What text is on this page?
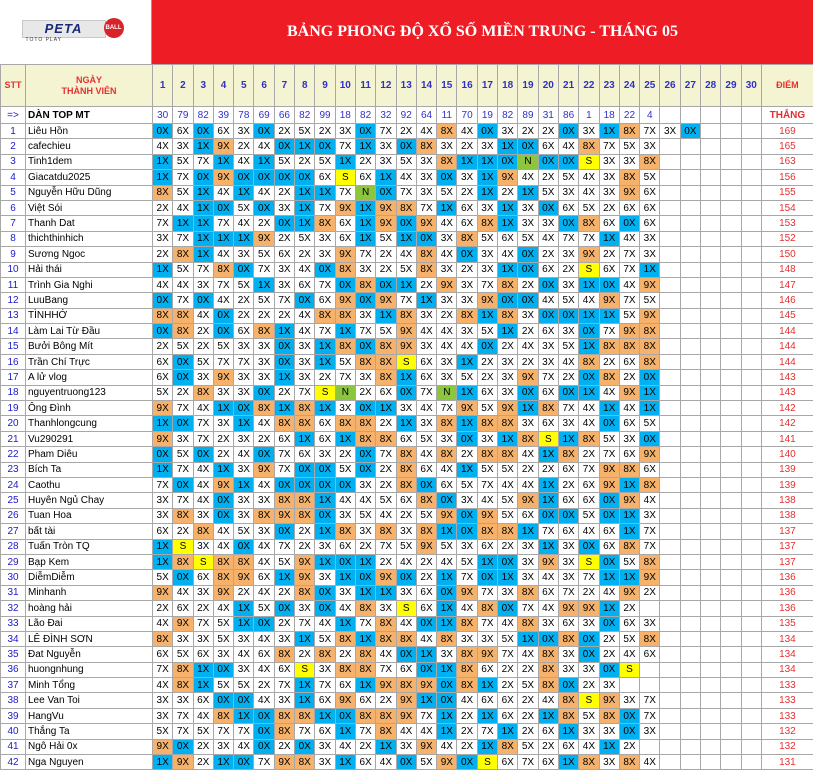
PETA	BALL
TOTO PLAY	BẢNG PHONG ĐỘ XỔ SỐ MIỀN TRUNG - THÁNG 05
STT	NGÀY
THÀNH VIÊN	1	2	3	4	5	6	7	8	9	10	11	12	13	14	15	16	17	18	19	20	21	22	23	24	25	26	27	28	29	30	ĐIỂM
=>	DÀN TOP MT	30	79	82	39	78	69	66	82	99	18	82	32	92	64	11	70	19	82	89	31	86	1	18	22	4						THẮNG
1	Liêu Hồn	0X	6X	0X	6X	3X	0X	2X	5X	2X	3X	0X	7X	2X	4X	8X	4X	0X	3X	2X	2X	0X	3X	1X	8X	7X	3X	0X				169
2	cafechieu	4X	3X	1X	9X	2X	4X	0X	1X	0X	7X	1X	3X	0X	8X	3X	2X	3X	1X	0X	6X	4X	8X	7X	5X	3X						165
3	Tinh1dem	1X	5X	7X	1X	4X	1X	5X	2X	5X	1X	2X	3X	5X	3X	8X	1X	1X	0X	N	0X	0X	S	3X	3X	8X						163
4	Giacatdu2025	1X	7X	0X	9X	0X	0X	0X	0X	6X	S	6X	1X	4X	3X	0X	3X	1X	9X	4X	2X	5X	4X	3X	8X	5X						156
5	Nguyễn Hữu Dũng	8X	5X	1X	4X	1X	4X	2X	1X	1X	7X	N	0X	7X	3X	5X	2X	1X	2X	1X	5X	3X	4X	3X	9X	6X						155
6	Việt Sói	2X	4X	1X	0X	5X	0X	3X	1X	7X	9X	1X	9X	8X	7X	1X	6X	3X	1X	3X	0X	6X	5X	2X	6X	6X						154
7	Thanh Dat	7X	1X	1X	7X	4X	2X	0X	1X	8X	6X	1X	9X	0X	9X	4X	6X	8X	1X	3X	3X	0X	8X	6X	0X	6X						153
8	thichthinhich	3X	7X	1X	1X	1X	9X	2X	5X	3X	6X	1X	5X	1X	0X	3X	8X	5X	6X	5X	4X	7X	7X	1X	4X	3X						152
9	Sương Ngoc	2X	8X	1X	4X	3X	5X	6X	2X	3X	9X	7X	2X	4X	8X	4X	0X	3X	4X	0X	2X	3X	9X	2X	7X	3X						150
10	Hải thái	1X	5X	7X	8X	0X	7X	3X	4X	0X	8X	3X	2X	5X	8X	3X	2X	3X	1X	0X	6X	2X	S	6X	7X	1X						148
11	Trình Gia Nghi	4X	4X	3X	7X	5X	1X	3X	6X	7X	0X	8X	0X	1X	2X	9X	3X	7X	8X	2X	0X	3X	1X	0X	4X	9X						147
12	LuuBang	0X	7X	0X	4X	2X	5X	7X	0X	6X	9X	0X	9X	7X	1X	3X	3X	9X	0X	0X	4X	5X	4X	9X	7X	5X						146
13	TÌNHHỚ	8X	8X	4X	0X	2X	2X	2X	4X	8X	8X	3X	1X	8X	3X	2X	8X	1X	8X	3X	0X	0X	1X	1X	5X	9X						145
14	Làm Lai Từ Đầu	0X	8X	2X	0X	6X	8X	1X	4X	7X	1X	7X	5X	9X	4X	4X	3X	5X	1X	2X	6X	3X	0X	7X	9X	8X						144
15	Bưởi Bông Mít	2X	5X	2X	5X	3X	3X	0X	3X	1X	8X	0X	8X	9X	3X	4X	4X	0X	2X	4X	3X	5X	1X	8X	8X	8X						144
16	Trần Chí Trực	6X	0X	5X	7X	7X	3X	0X	3X	1X	5X	8X	8X	S	6X	3X	1X	2X	3X	2X	3X	4X	8X	2X	6X	8X						144
17	A lử vlog	6X	0X	3X	9X	3X	3X	1X	3X	2X	7X	3X	8X	1X	6X	3X	5X	2X	3X	9X	7X	2X	0X	8X	2X	0X						143
18	nguyentruong123	5X	2X	8X	3X	3X	0X	2X	7X	S	N	2X	6X	0X	7X	N	1X	6X	3X	0X	6X	0X	1X	4X	9X	1X						143
19	Ông Đình	9X	7X	4X	1X	0X	8X	1X	8X	1X	3X	0X	1X	3X	4X	7X	9X	5X	9X	1X	8X	7X	4X	1X	4X	1X						142
20	Thanhlongcung	1X	0X	7X	3X	1X	4X	8X	8X	6X	8X	8X	2X	1X	3X	8X	1X	8X	8X	3X	6X	3X	4X	0X	6X	5X						142
21	Vu290291	9X	3X	7X	2X	3X	2X	6X	1X	6X	1X	8X	8X	6X	5X	3X	0X	3X	1X	8X	S	1X	8X	5X	3X	0X						141
22	Pham Diêu	0X	5X	0X	2X	4X	0X	7X	6X	3X	2X	0X	7X	8X	4X	8X	2X	8X	8X	4X	1X	8X	2X	7X	6X	9X						140
23	Bích Ta	1X	7X	4X	1X	3X	9X	7X	0X	0X	5X	0X	2X	8X	6X	4X	1X	5X	5X	2X	2X	6X	7X	9X	8X	6X						139
24	Caothu	7X	0X	4X	9X	1X	4X	0X	0X	0X	0X	3X	2X	8X	0X	6X	5X	7X	4X	4X	1X	2X	6X	9X	1X	8X						139
25	Huyên Ngủ Chay	3X	7X	4X	0X	3X	3X	8X	8X	1X	4X	4X	5X	6X	8X	0X	3X	4X	5X	9X	1X	6X	6X	0X	9X	4X						138
26	Tuan Hoa	3X	8X	3X	0X	3X	8X	9X	8X	0X	3X	5X	4X	2X	5X	9X	0X	9X	5X	6X	0X	0X	5X	0X	1X	3X						138
27	bất tài	6X	2X	8X	4X	5X	3X	0X	2X	1X	8X	3X	8X	3X	8X	1X	0X	8X	8X	1X	7X	6X	4X	6X	1X	7X						137
28	Tuấn Tròn TQ	1X	S	3X	4X	0X	4X	7X	2X	3X	6X	2X	7X	5X	9X	5X	3X	6X	2X	3X	1X	3X	0X	6X	8X	7X						137
29	Bạp Kem	1X	8X	S	8X	8X	4X	5X	9X	1X	0X	1X	2X	4X	2X	4X	5X	1X	0X	3X	9X	3X	S	0X	5X	8X						137
30	DiễmDiễm	5X	0X	6X	8X	9X	6X	1X	9X	3X	1X	0X	9X	0X	2X	1X	7X	0X	1X	3X	4X	3X	7X	1X	1X	9X						136
31	Minhanh	9X	4X	3X	9X	2X	4X	2X	8X	0X	3X	1X	1X	3X	6X	0X	9X	7X	3X	8X	6X	7X	2X	4X	9X	2X						136
32	hoàng hải	2X	6X	2X	4X	1X	5X	0X	3X	0X	4X	8X	3X	S	6X	1X	4X	8X	0X	7X	4X	9X	9X	1X	2X							136
33	Lão Đai	4X	9X	7X	5X	1X	0X	2X	7X	4X	1X	7X	8X	4X	0X	1X	8X	7X	4X	8X	3X	6X	3X	0X	6X	3X						135
34	LÊ ĐÌNH SƠN	8X	3X	3X	5X	3X	4X	3X	1X	5X	8X	1X	8X	8X	4X	8X	3X	3X	5X	1X	0X	8X	0X	2X	5X	8X						134
35	Đat Nguyễn	6X	5X	6X	3X	4X	6X	8X	2X	8X	2X	8X	4X	0X	1X	3X	8X	9X	7X	4X	8X	3X	0X	2X	4X	6X						134
36	huongnhung	7X	8X	1X	0X	3X	4X	6X	S	3X	8X	8X	7X	6X	0X	1X	8X	6X	2X	2X	8X	3X	3X	0X	S							134
37	Minh Tổng	4X	8X	1X	5X	5X	2X	7X	1X	7X	6X	1X	9X	8X	9X	0X	8X	1X	2X	5X	8X	0X	2X	3X								133
38	Lee Van Toi	3X	3X	6X	0X	0X	4X	3X	1X	6X	9X	6X	2X	9X	1X	0X	4X	6X	6X	2X	4X	8X	S	9X	3X	7X						133
39	HangVu	3X	7X	4X	8X	1X	0X	8X	8X	1X	0X	8X	8X	9X	7X	1X	2X	1X	6X	2X	1X	8X	5X	8X	0X	7X						133
40	Thắng Ta	5X	7X	5X	7X	7X	0X	8X	7X	6X	1X	7X	8X	4X	4X	1X	2X	7X	1X	2X	6X	1X	3X	3X	0X	3X						132
41	Ngô Hải 0x	9X	0X	2X	3X	4X	0X	2X	0X	3X	4X	2X	1X	3X	9X	4X	2X	1X	8X	5X	2X	6X	4X	1X	2X							132
42	Nga Nguyen	1X	9X	2X	1X	0X	7X	9X	8X	3X	1X	6X	4X	0X	5X	9X	0X	S	6X	7X	6X	1X	8X	3X	8X	4X						131
